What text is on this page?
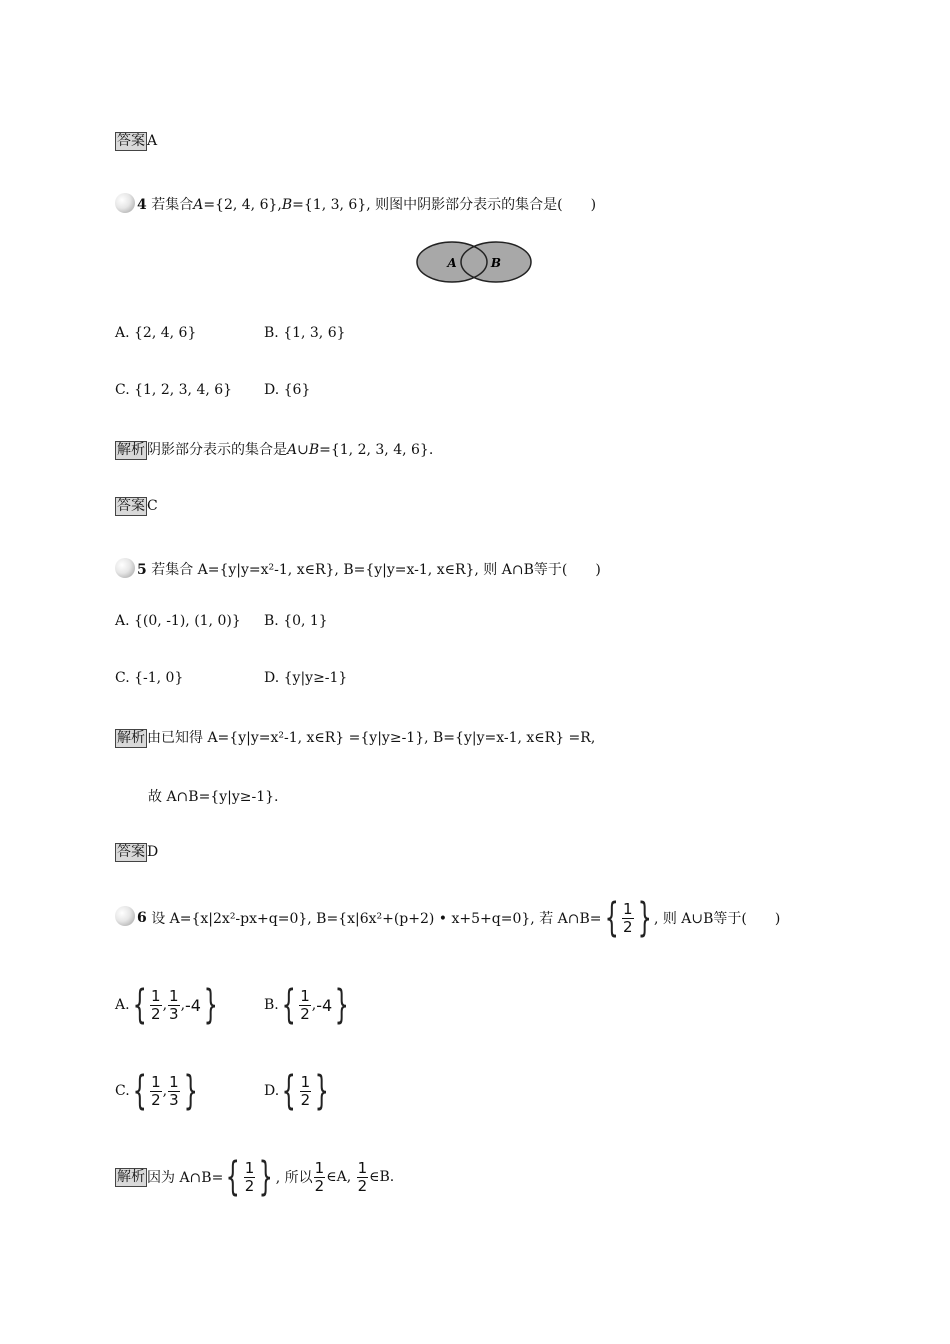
答案 A
4 若集合A={2, 4, 6},B={1, 3, 6}, 则图中阴影部分表示的集合是(　　)
A	B
A. {2, 4, 6}	B. {1, 3, 6}
C. {1, 2, 3, 4, 6} D. {6}
解析 阴影部分表示的集合是A∪B={1, 2, 3, 4, 6}.
答案 C
5 若集合 A={y|y=x²-1, x∈R}, B={y|y=x-1, x∈R}, 则 A∩B等于(　　)
A. {(0, -1), (1, 0)} B. {0, 1}
C. {-1, 0}	D. {y|y≥-1}
解析 由已知得 A={y|y=x²-1, x∈R} ={y|y≥-1}, B={y|y=x-1, x∈R} =R,
故 A∩B={y|y≥-1}.
答案 D
6 设 A={x|2x²-px+q=0}, B={x|6x²+(p+2) • x+5+q=0}, 若 A∩B= { $\frac{1}{2}$ } , 则 A∪B等于(　　)
A. { $\frac{1}{2}$ , $\frac{1}{3}$ , -4 }	B. { $\frac{1}{2}$ , -4 }
C. { $\frac{1}{2}$ , $\frac{1}{3}$ }	D. { $\frac{1}{2}$ }
解析 因为 A∩B= { $\frac{1}{2}$ } , 所以 $\frac{1}{2}$ ∈A, $\frac{1}{2}$ ∈B.
